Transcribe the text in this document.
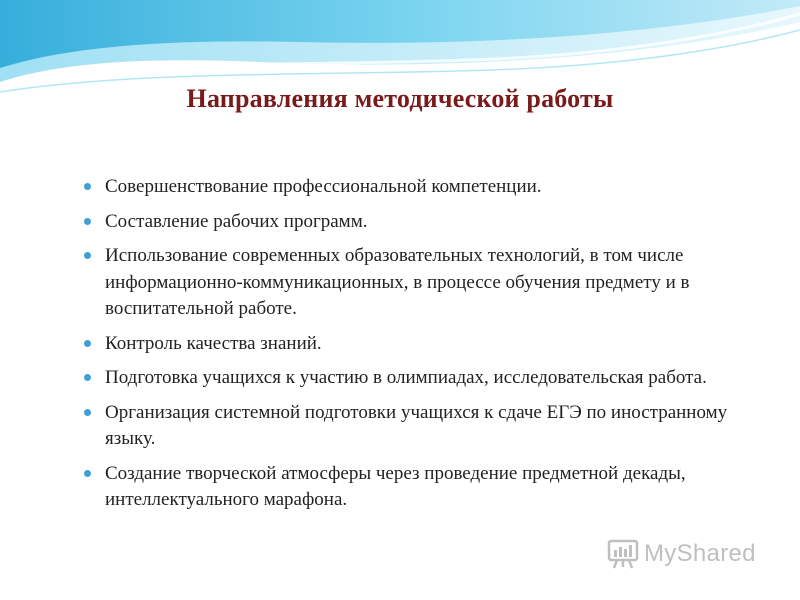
Направления методической работы
Совершенствование профессиональной компетенции.
Составление рабочих программ.
Использование современных образовательных технологий, в том числе информационно-коммуникационных, в процессе обучения предмету и в воспитательной работе.
Контроль качества знаний.
Подготовка учащихся к участию в олимпиадах, исследовательская работа.
Организация системной подготовки учащихся к сдаче ЕГЭ по иностранному языку.
Создание творческой атмосферы через проведение предметной декады, интеллектуального марафона.
MyShared
